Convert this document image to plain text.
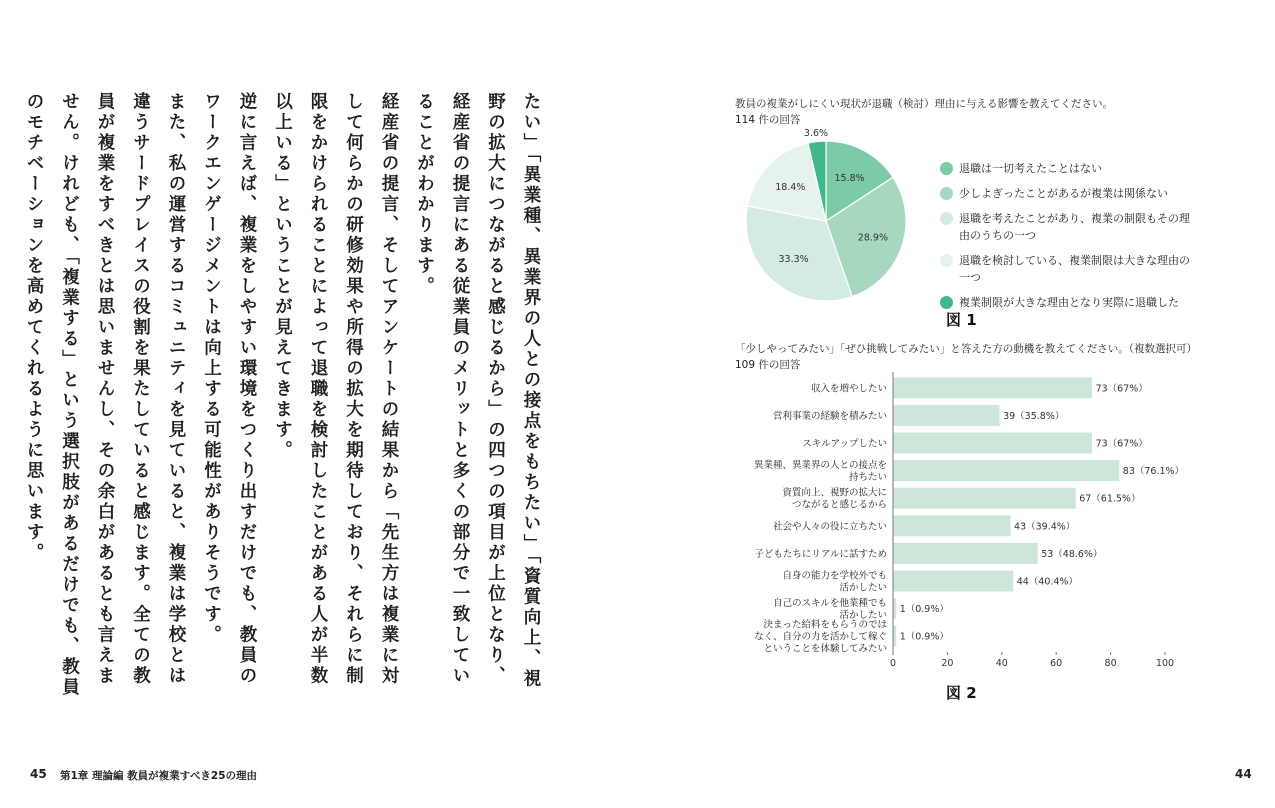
たい」「異業種、異業界の人との接点をもちたい」「資質向上、視野の拡大につながると感じるから」の四つの項目が上位となり、経産省の提言にある従業員のメリットと多くの部分で一致していることがわかります。

経産省の提言、そしてアンケートの結果から「先生方は複業に対して何らかの研修効果や所得の拡大を期待しており、それらに制限をかけられることによって退職を検討したことがある人が半数以上いる」ということが見えてきます。

逆に言えば、複業をしやすい環境をつくり出すだけでも、教員のワークエンゲージメントは向上する可能性がありそうです。

また、私の運営するコミュニティを見ていると、複業は学校とは違うサードプレイスの役割を果たしていると感じます。全ての教員が複業をすべきとは思いませんし、その余白があるとも言えません。けれども、「複業する」という選択肢があるだけでも、教員のモチベーションを高めてくれるように思います。

45 第1章 理論編 教員が複業すべき25の理由	44
教員の複業がしにくい現状が退職（検討）理由に与える影響を教えてください。
114 件の回答
15.8%
28.9%
33.3%
18.4%
3.6%
退職は一切考えたことはない
少しよぎったことがあるが複業は関係ない
退職を考えたことがあり、複業の制限もその理由のうちの一つ
退職を検討している、複業制限は大きな理由の一つ
複業制限が大きな理由となり実際に退職した
図 1
「少しやってみたい」「ぜひ挑戦してみたい」と答えた方の動機を教えてください。（複数選択可）
109 件の回答
73（67%）
収入を増やしたい
39（35.8%）
営利事業の経験を積みたい
73（67%）
スキルアップしたい
83（76.1%）
異業種、異業界の人との接点を持ちたい
67（61.5%）
資質向上、視野の拡大につながると感じるから
43（39.4%）
社会や人々の役に立ちたい
53（48.6%）
子どもたちにリアルに話すため
44（40.4%）
自身の能力を学校外でも活かしたい
1（0.9%）
自己のスキルを他業種でも活かしたい
1（0.9%）
決まった給料をもらうのではなく、自分の力を活かして稼ぐということを体験してみたい
0	20	40	60	80	100
図 2
